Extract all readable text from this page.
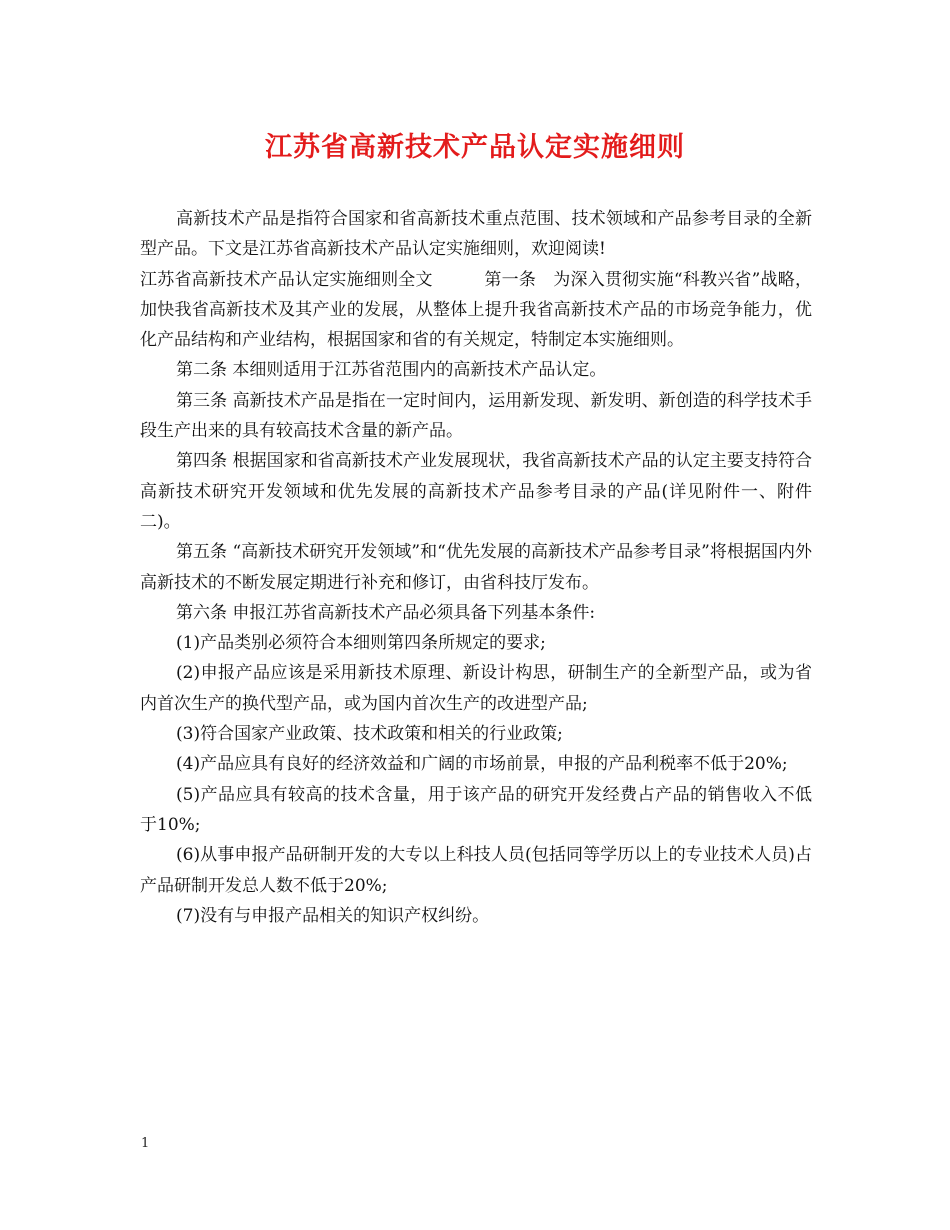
江苏省高新技术产品认定实施细则

高新技术产品是指符合国家和省高新技术重点范围、技术领域和产品参考目录的全新型产品。下文是江苏省高新技术产品认定实施细则，欢迎阅读!

江苏省高新技术产品认定实施细则全文　　　第一条　为深入贯彻实施“科教兴省”战略，加快我省高新技术及其产业的发展，从整体上提升我省高新技术产品的市场竞争能力，优化产品结构和产业结构，根据国家和省的有关规定，特制定本实施细则。

第二条 本细则适用于江苏省范围内的高新技术产品认定。

第三条 高新技术产品是指在一定时间内，运用新发现、新发明、新创造的科学技术手段生产出来的具有较高技术含量的新产品。

第四条 根据国家和省高新技术产业发展现状，我省高新技术产品的认定主要支持符合高新技术研究开发领域和优先发展的高新技术产品参考目录的产品(详见附件一、附件二)。

第五条 “高新技术研究开发领域”和“优先发展的高新技术产品参考目录”将根据国内外高新技术的不断发展定期进行补充和修订，由省科技厅发布。

第六条 申报江苏省高新技术产品必须具备下列基本条件:

(1)产品类别必须符合本细则第四条所规定的要求;

(2)申报产品应该是采用新技术原理、新设计构思，研制生产的全新型产品，或为省内首次生产的换代型产品，或为国内首次生产的改进型产品;

(3)符合国家产业政策、技术政策和相关的行业政策;

(4)产品应具有良好的经济效益和广阔的市场前景，申报的产品利税率不低于20%;

(5)产品应具有较高的技术含量，用于该产品的研究开发经费占产品的销售收入不低于10%;

(6)从事申报产品研制开发的大专以上科技人员(包括同等学历以上的专业技术人员)占产品研制开发总人数不低于20%;

(7)没有与申报产品相关的知识产权纠纷。

1
